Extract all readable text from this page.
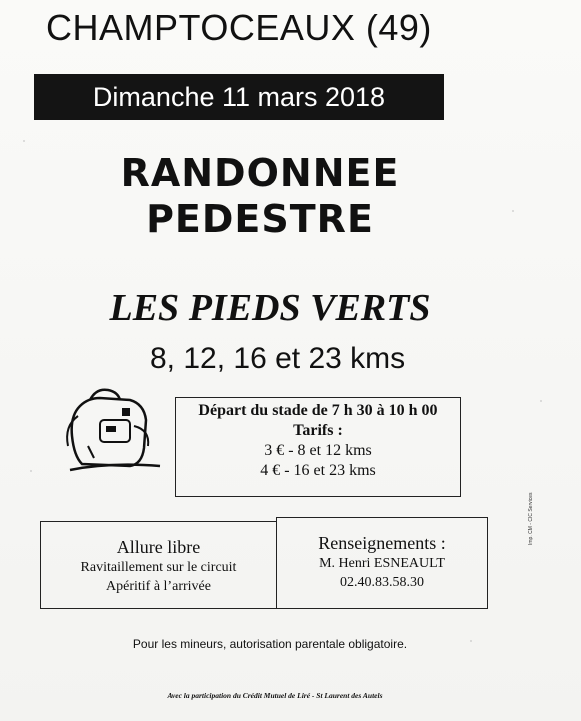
CHAMPTOCEAUX (49)
Dimanche 11 mars 2018
RANDONNEE
PEDESTRE
LES PIEDS VERTS
8, 12, 16 et 23 kms
Départ du stade de 7 h 30 à 10 h 00
Tarifs :
3 € - 8 et 12 kms
4 € - 16 et 23 kms
Allure libre
Ravitaillement sur le circuit
Apéritif à l’arrivée
Renseignements :
M. Henri ESNEAULT
02.40.83.58.30
Pour les mineurs, autorisation parentale obligatoire.
Avec la participation du Crédit Mutuel de Liré - St Laurent des Autels
Imp. CM - CIC Services
